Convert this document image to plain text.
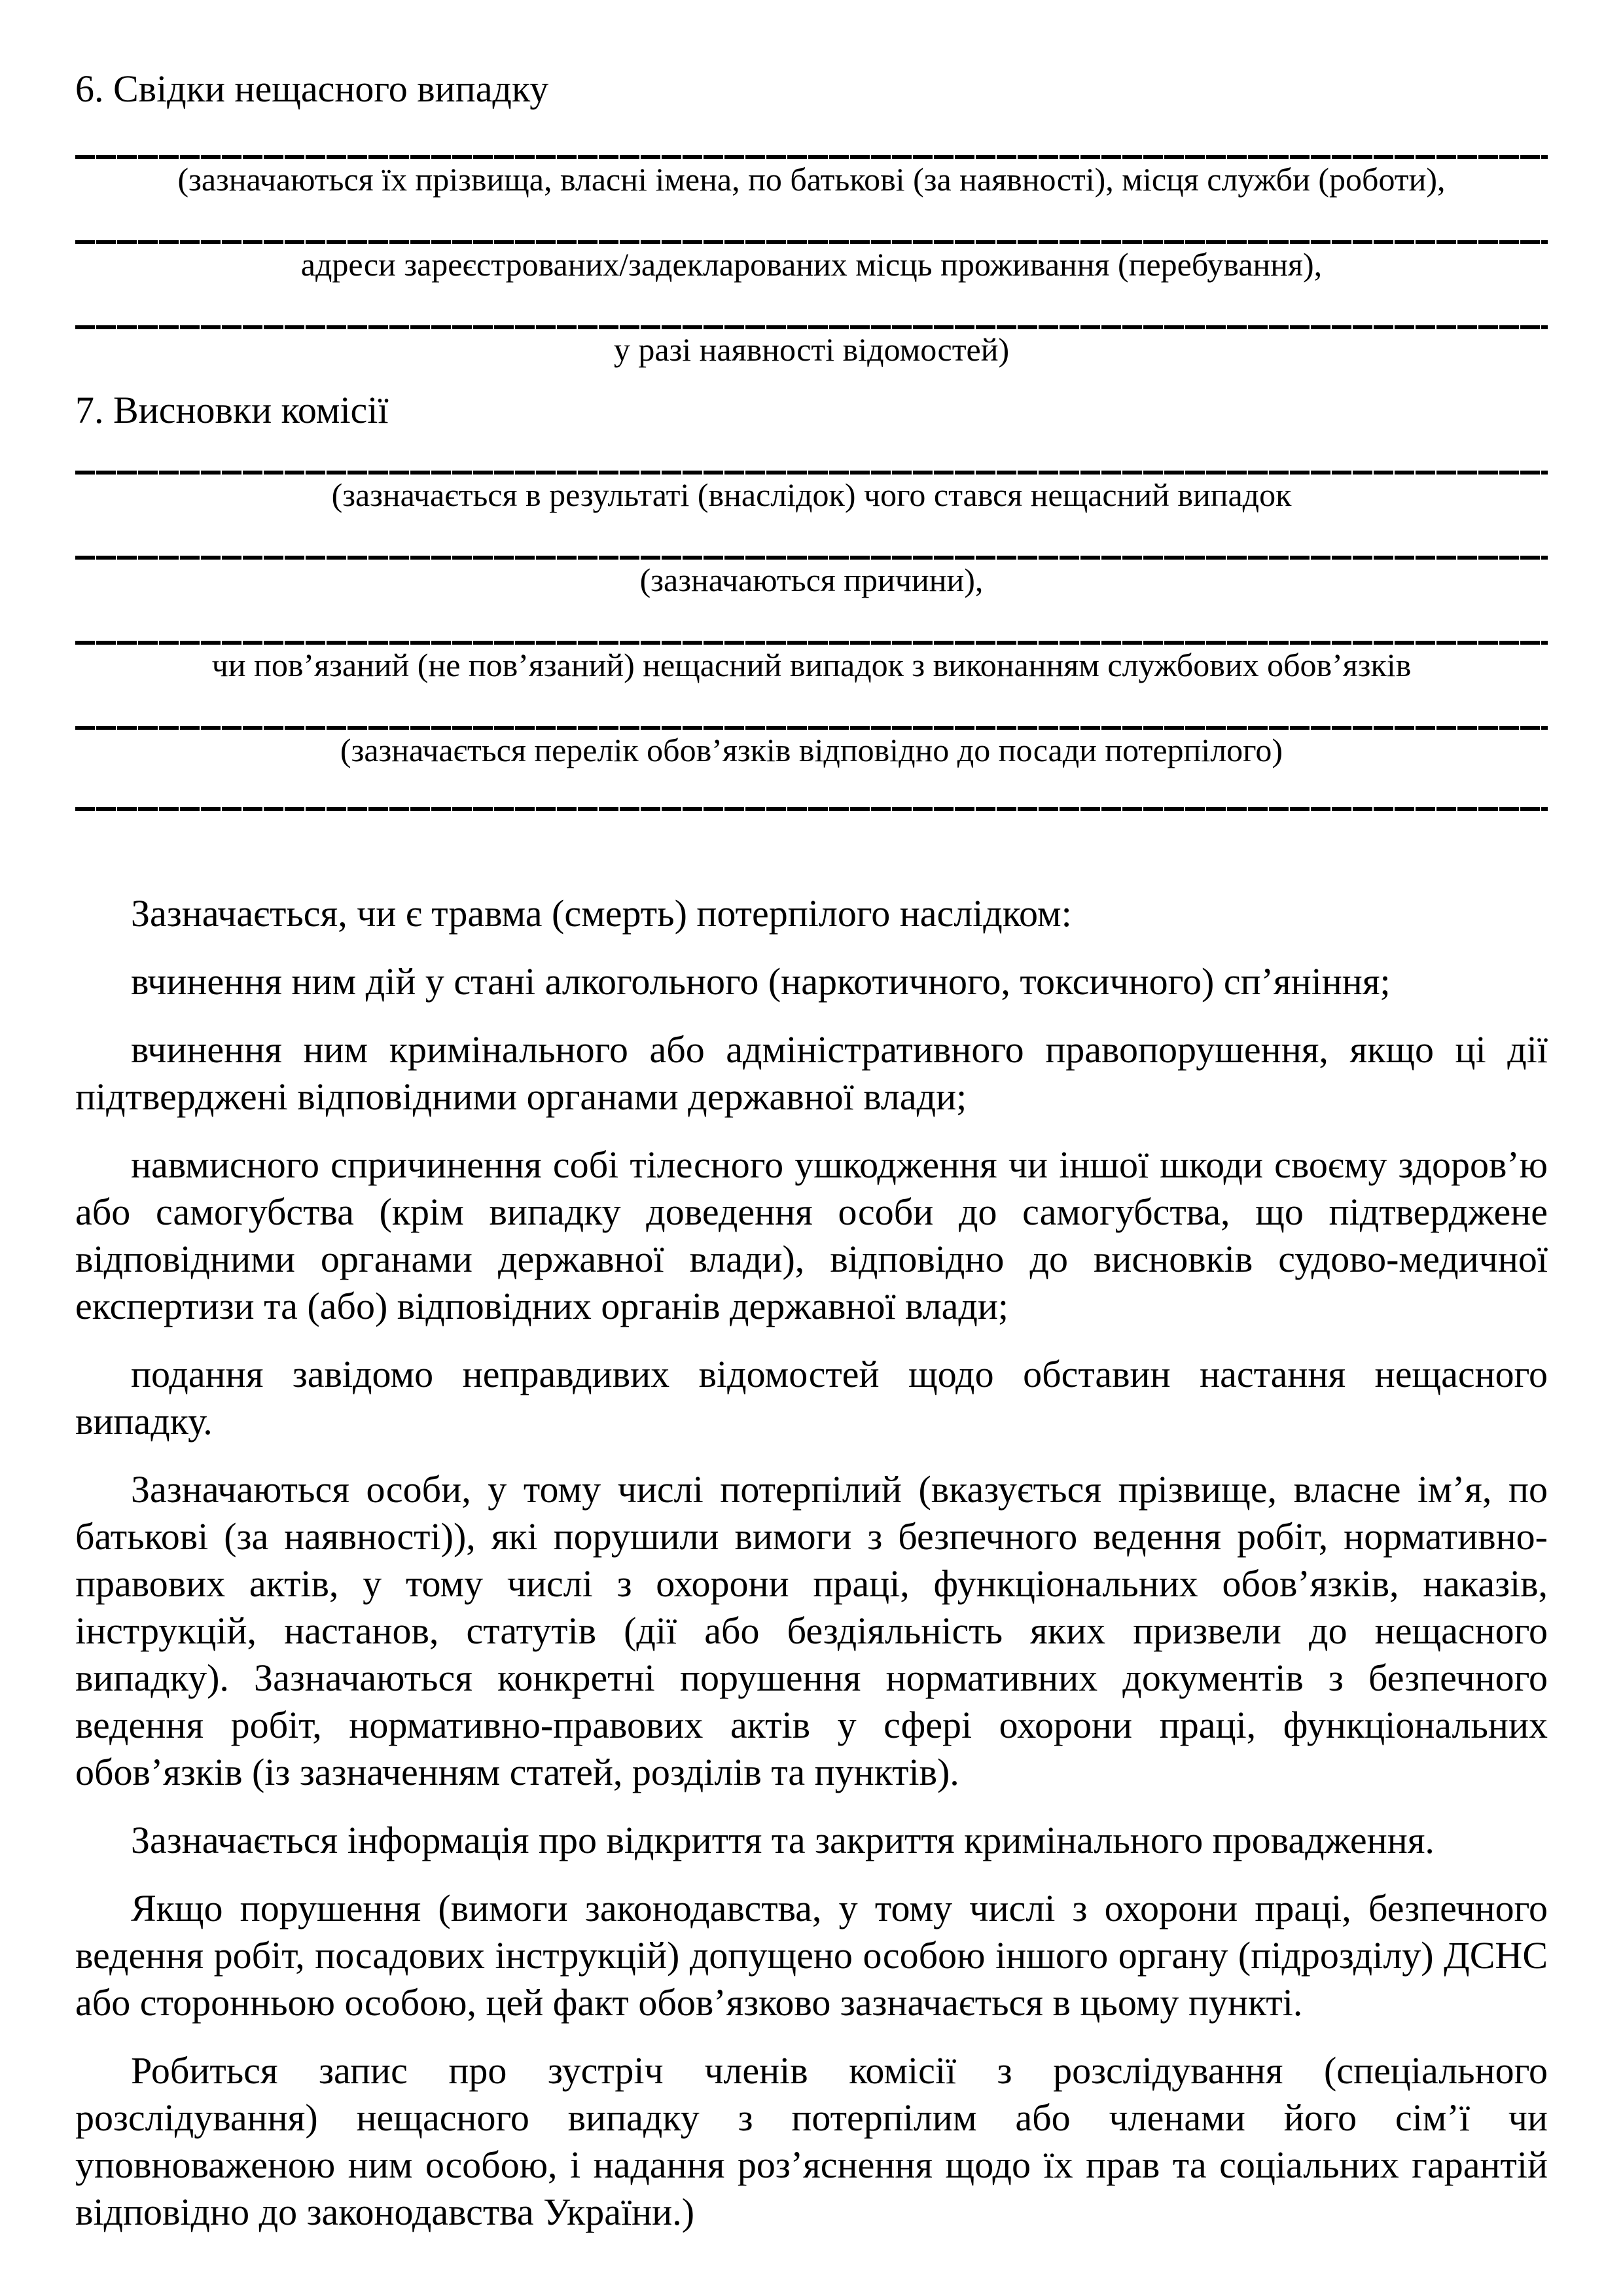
6. Свідки нещасного випадку
(зазначаються їх прізвища, власні імена, по батькові (за наявності), місця служби (роботи),
адреси зареєстрованих/задекларованих місць проживання (перебування),
у разі наявності відомостей)
7. Висновки комісії
(зазначається в результаті (внаслідок) чого стався нещасний випадок
(зазначаються причини),
чи пов’язаний (не пов’язаний) нещасний випадок з виконанням службових обов’язків
(зазначається перелік обов’язків відповідно до посади потерпілого)
Зазначається, чи є травма (смерть) потерпілого наслідком:
вчинення ним дій у стані алкогольного (наркотичного, токсичного) сп’яніння;
вчинення ним кримінального або адміністративного правопорушення, якщо ці дії підтверджені відповідними органами державної влади;
навмисного спричинення собі тілесного ушкодження чи іншої шкоди своєму здоров’ю або самогубства (крім випадку доведення особи до самогубства, що підтверджене відповідними органами державної влади), відповідно до висновків судово-медичної експертизи та (або) відповідних органів державної влади;
подання завідомо неправдивих відомостей щодо обставин настання нещасного випадку.
Зазначаються особи, у тому числі потерпілий (вказується прізвище, власне ім’я, по батькові (за наявності)), які порушили вимоги з безпечного ведення робіт, нормативно-правових актів, у тому числі з охорони праці, функціональних обов’язків, наказів, інструкцій, настанов, статутів (дії або бездіяльність яких призвели до нещасного випадку). Зазначаються конкретні порушення нормативних документів з безпечного ведення робіт, нормативно-правових актів у сфері охорони праці, функціональних обов’язків (із зазначенням статей, розділів та пунктів).
Зазначається інформація про відкриття та закриття кримінального провадження.
Якщо порушення (вимоги законодавства, у тому числі з охорони праці, безпечного ведення робіт, посадових інструкцій) допущено особою іншого органу (підрозділу) ДСНС або сторонньою особою, цей факт обов’язково зазначається в цьому пункті.
Робиться запис про зустріч членів комісії з розслідування (спеціального розслідування) нещасного випадку з потерпілим або членами його сім’ї чи уповноваженою ним особою, і надання роз’яснення щодо їх прав та соціальних гарантій відповідно до законодавства України.)
